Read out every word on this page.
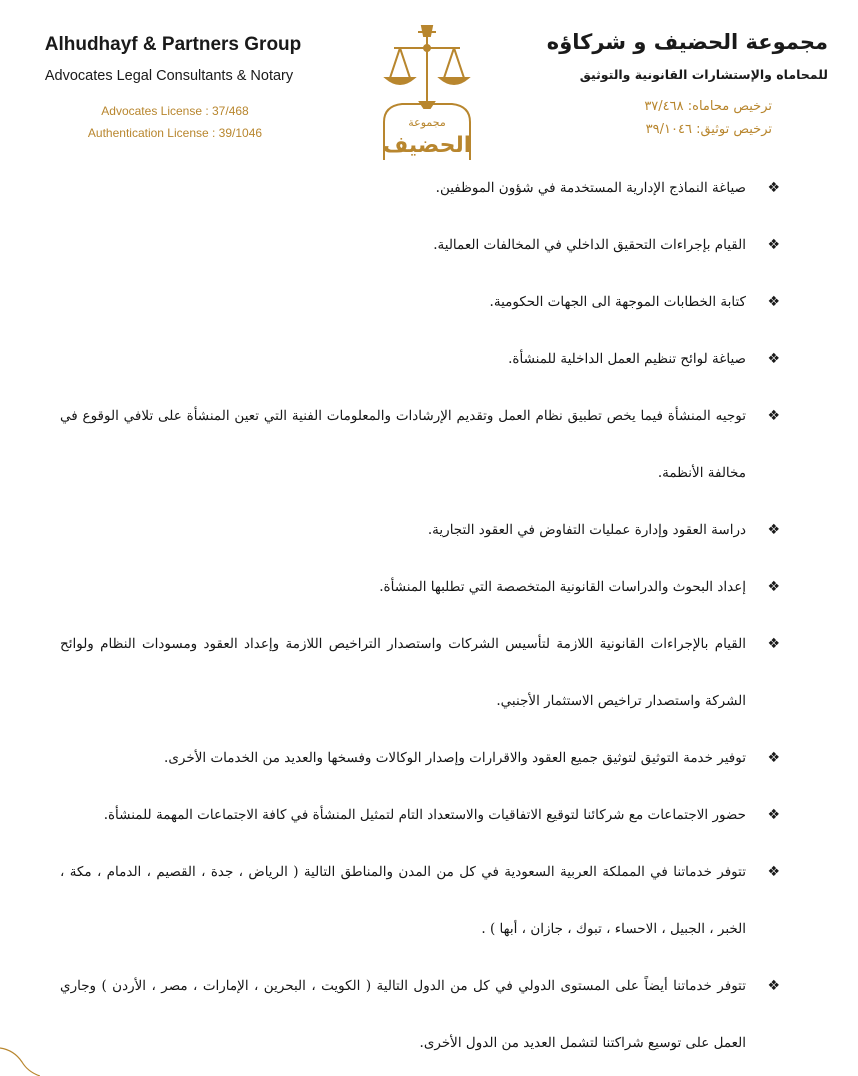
Alhudhayf & Partners Group
Advocates Legal Consultants & Notary
Advocates License : 37/468
Authentication License : 39/1046
مجموعة
الحضيف
مجموعة الحضيف و شركاؤه
للمحاماه والإستشارات القانونية والتوثيق
ترخيص محاماه: ٣٧/٤٦٨
ترخيص توثيق: ٣٩/١٠٤٦
❖
صياغة النماذج الإدارية المستخدمة في شؤون الموظفين.
❖
القيام بإجراءات التحقيق الداخلي في المخالفات العمالية.
❖
كتابة الخطابات الموجهة الى الجهات الحكومية.
❖
صياغة لوائح تنظيم العمل الداخلية للمنشأة.
❖
توجيه المنشأة فيما يخص تطبيق نظام العمل وتقديم الإرشادات والمعلومات الفنية التي تعين المنشأة على تلافي الوقوع في مخالفة الأنظمة.
❖
دراسة العقود وإدارة عمليات التفاوض في العقود التجارية.
❖
إعداد البحوث والدراسات القانونية المتخصصة التي تطلبها المنشأة.
❖
القيام بالإجراءات القانونية اللازمة لتأسيس الشركات واستصدار التراخيص اللازمة وإعداد العقود ومسودات النظام ولوائح الشركة واستصدار تراخيص الاستثمار الأجنبي.
❖
توفير خدمة التوثيق لتوثيق جميع العقود والاقرارات وإصدار الوكالات وفسخها والعديد من الخدمات الأخرى.
❖
حضور الاجتماعات مع شركائنا لتوقيع الاتفاقيات والاستعداد التام لتمثيل المنشأة في كافة الاجتماعات المهمة للمنشأة.
❖
تتوفر خدماتنا في المملكة العربية السعودية في كل من المدن والمناطق التالية ( الرياض ، جدة ، القصيم ، الدمام ، مكة ، الخبر ، الجبيل ، الاحساء ، تبوك ، جازان ، أبها ) .
❖
تتوفر خدماتنا أيضاً على المستوى الدولي في كل من الدول التالية ( الكويت ، البحرين ، الإمارات ، مصر ، الأردن ) وجاري العمل على توسيع شراكتنا لتشمل العديد من الدول الأخرى.
